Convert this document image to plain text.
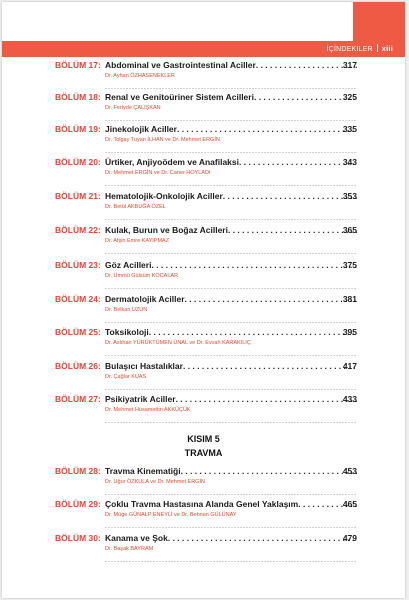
İÇİNDEKİLER xiii
BÖLÜM 17: Abdominal ve Gastrointestinal Aciller . . .	317
Dr. Ayhan ÖZHASENEKLER
BÖLÜM 18: Renal ve Genitoüriner Sistem Acilleri . . .	325
Dr. Feriyde ÇALIŞKAN
BÖLÜM 19: Jinekolojik Aciller . . .	335
Dr. Tolgay Tuyan İLHAN ve Dr. Mehmet ERGİN
BÖLÜM 20: Ürtiker, Anjiyoödem ve Anafilaksi . . .	343
Dr. Mehmet ERGİN ve Dr. Caner HOYLADI
BÖLÜM 21: Hematolojik-Onkolojik Aciller . . .	353
Dr. Betül AKBUĞA ÖZEL
BÖLÜM 22: Kulak, Burun ve Boğaz Acilleri . . .	365
Dr. Afşin Emre KAYIPMAZ
BÖLÜM 23: Göz Acilleri . . .	375
Dr. Ümmü Gülsüm KOCALAR
BÖLÜM 24: Dermatolojik Aciller . . .	381
Dr. Belkan UZUN
BÖLÜM 25: Toksikoloji . . .	395
Dr. Aslıhan YÜRÜKTÜMEN ÜNAL ve Dr. Evvah KARAKILIÇ
BÖLÜM 26: Bulaşıcı Hastalıklar . . .	417
Dr. Çağlar KUAS
BÖLÜM 27: Psikiyatrik Aciller . . .	433
Dr. Mehmet Hüsamettin AKKÜÇÜK
BÖLÜM 28: Travma Kinematiği . . .	453
Dr. Uğur ÖZKULA ve Dr. Mehmet ERGİN
BÖLÜM 29: Çoklu Travma Hastasına Alanda Genel Yaklaşım . . .	465
Dr. Müge GÜNALP ENEYLİ ve Dr. Behnan GÜLÜNAY
BÖLÜM 30: Kanama ve Şok . . .	479
Dr. Başak BAYRAM
KISIM 5
TRAVMA
